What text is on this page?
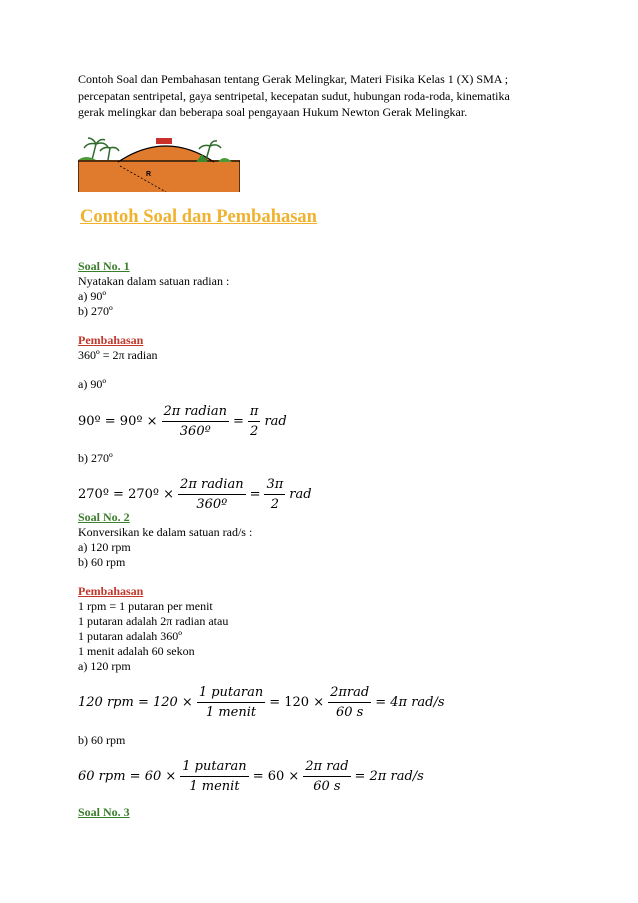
Contoh Soal dan Pembahasan tentang Gerak Melingkar, Materi Fisika Kelas 1 (X) SMA ;
percepatan sentripetal, gaya sentripetal, kecepatan sudut, hubungan roda-roda, kinematika
gerak melingkar dan beberapa soal pengayaan Hukum Newton Gerak Melingkar.
R
Contoh Soal dan Pembahasan
Soal No. 1
Nyatakan dalam satuan radian :
a) 90º
b) 270º
Pembahasan
360º = 2π radian
a) 90º
90º = 90º × $\frac{\text{2π radian}}{\text{360º}} = \frac{\pi}{2}$ rad
b) 270º
270º = 270º × $\frac{\text{2π radian}}{\text{360º}} = \frac{3\pi}{2}$ rad
Soal No. 2
Konversikan ke dalam satuan rad/s :
a) 120 rpm
b) 60 rpm
Pembahasan
1 rpm = 1 putaran per menit
1 putaran adalah 2π radian atau
1 putaran adalah 360º
1 menit adalah 60 sekon
a) 120 rpm
120 rpm = $120 \times \frac{\text{1 putaran}}{\text{1 menit}} = 120 \times \frac{\text{2πrad}}{60 s} = 4\pi$ rad/s
b) 60 rpm
60 rpm = $60 \times \frac{\text{1 putaran}}{\text{1 menit}} = 60 \times \frac{\text{2π rad}}{60 s} = 2\pi$ rad/s
Soal No. 3
